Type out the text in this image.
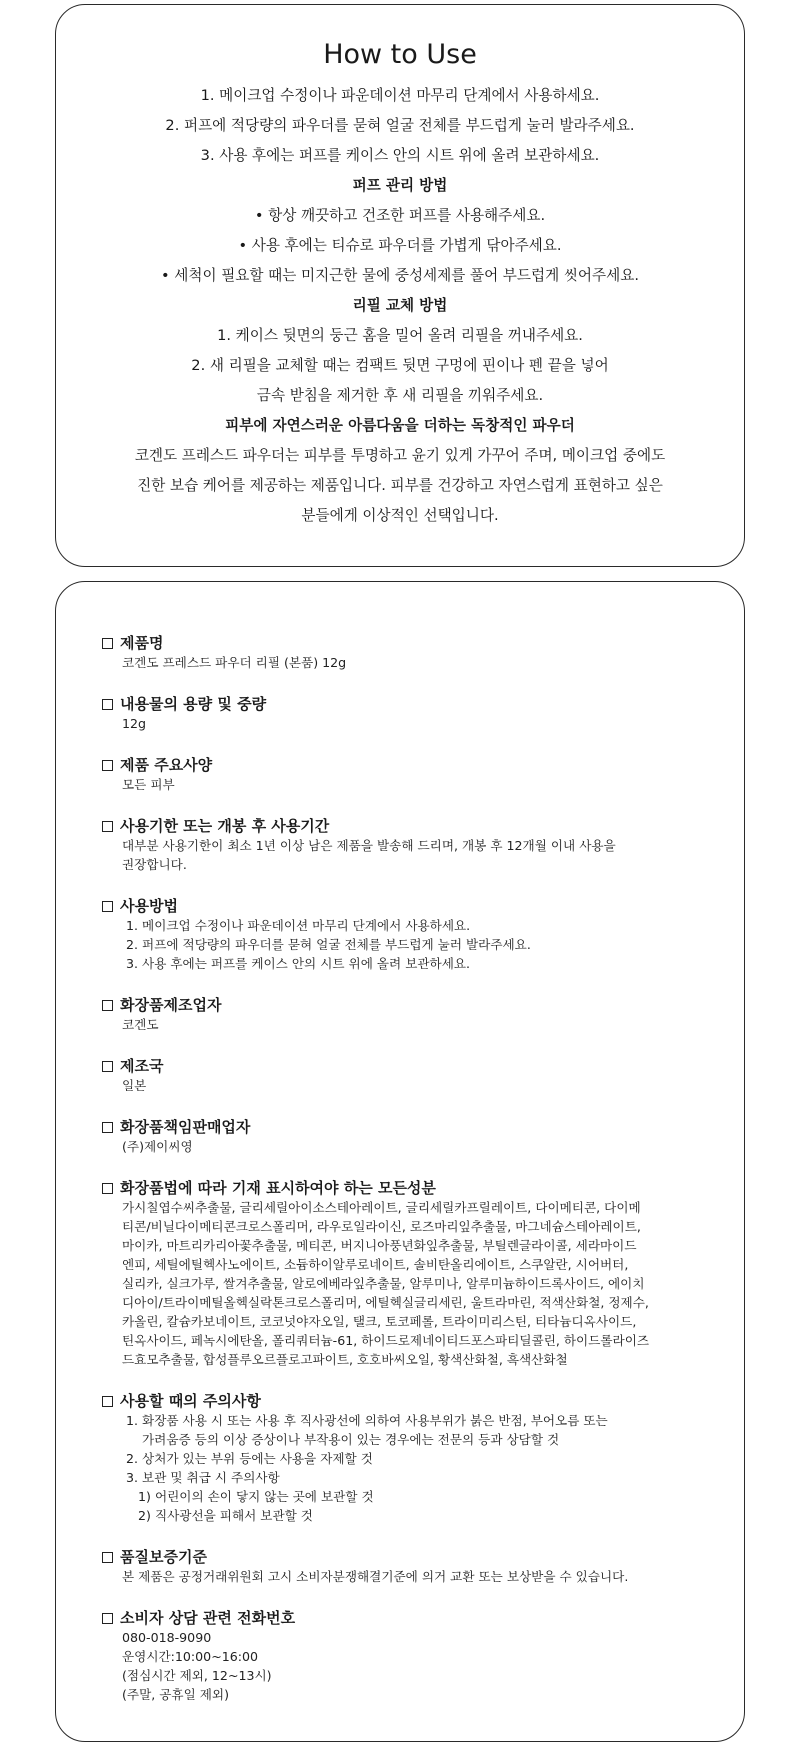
How to Use
1. 메이크업 수정이나 파운데이션 마무리 단계에서 사용하세요.
2. 퍼프에 적당량의 파우더를 묻혀 얼굴 전체를 부드럽게 눌러 발라주세요.
3. 사용 후에는 퍼프를 케이스 안의 시트 위에 올려 보관하세요.
퍼프 관리 방법
• 항상 깨끗하고 건조한 퍼프를 사용해주세요.
• 사용 후에는 티슈로 파우더를 가볍게 닦아주세요.
• 세척이 필요할 때는 미지근한 물에 중성세제를 풀어 부드럽게 씻어주세요.
리필 교체 방법
1. 케이스 뒷면의 둥근 홈을 밀어 올려 리필을 꺼내주세요.
2. 새 리필을 교체할 때는 컴팩트 뒷면 구멍에 핀이나 펜 끝을 넣어
금속 받침을 제거한 후 새 리필을 끼워주세요.
피부에 자연스러운 아름다움을 더하는 독창적인 파우더
코겐도 프레스드 파우더는 피부를 투명하고 윤기 있게 가꾸어 주며, 메이크업 중에도
진한 보습 케어를 제공하는 제품입니다. 피부를 건강하고 자연스럽게 표현하고 싶은
분들에게 이상적인 선택입니다.
제품명
코겐도 프레스드 파우더 리필 (본품) 12g
내용물의 용량 및 중량
12g
제품 주요사양
모든 피부
사용기한 또는 개봉 후 사용기간
대부분 사용기한이 최소 1년 이상 남은 제품을 발송해 드리며, 개봉 후 12개월 이내 사용을
권장합니다.
사용방법
1. 메이크업 수정이나 파운데이션 마무리 단계에서 사용하세요.
2. 퍼프에 적당량의 파우더를 묻혀 얼굴 전체를 부드럽게 눌러 발라주세요.
3. 사용 후에는 퍼프를 케이스 안의 시트 위에 올려 보관하세요.
화장품제조업자
코겐도
제조국
일본
화장품책임판매업자
(주)제이씨영
화장품법에 따라 기재 표시하여야 하는 모든성분
가시칠엽수씨추출물, 글리세릴아이소스테아레이트, 글리세릴카프릴레이트, 다이메티콘, 다이메
티콘/비닐다이메티콘크로스폴리머, 라우로일라이신, 로즈마리잎추출물, 마그네슘스테아레이트,
마이카, 마트리카리아꽃추출물, 메티콘, 버지니아풍년화잎추출물, 부틸렌글라이콜, 세라마이드
엔피, 세틸에틸헥사노에이트, 소듐하이알루로네이트, 솔비탄올리에이트, 스쿠알란, 시어버터,
실리카, 실크가루, 쌀겨추출물, 알로에베라잎추출물, 알루미나, 알루미늄하이드록사이드, 에이치
디아이/트라이메틸올헥실락톤크로스폴리머, 에틸헥실글리세린, 울트라마린, 적색산화철, 정제수,
카올린, 칼슘카보네이트, 코코넛야자오일, 탤크, 토코페롤, 트라이미리스틴, 티타늄디옥사이드,
틴옥사이드, 페녹시에탄올, 폴리쿼터늄-61, 하이드로제네이티드포스파티딜콜린, 하이드롤라이즈
드효모추출물, 합성플루오르플로고파이트, 호호바씨오일, 황색산화철, 흑색산화철
사용할 때의 주의사항
1. 화장품 사용 시 또는 사용 후 직사광선에 의하여 사용부위가 붉은 반점, 부어오름 또는
가려움증 등의 이상 증상이나 부작용이 있는 경우에는 전문의 등과 상담할 것
2. 상처가 있는 부위 등에는 사용을 자제할 것
3. 보관 및 취급 시 주의사항
1) 어린이의 손이 닿지 않는 곳에 보관할 것
2) 직사광선을 피해서 보관할 것
품질보증기준
본 제품은 공정거래위원회 고시 소비자분쟁해결기준에 의거 교환 또는 보상받을 수 있습니다.
소비자 상담 관련 전화번호
080-018-9090
운영시간:10:00~16:00
(점심시간 제외, 12~13시)
(주말, 공휴일 제외)
